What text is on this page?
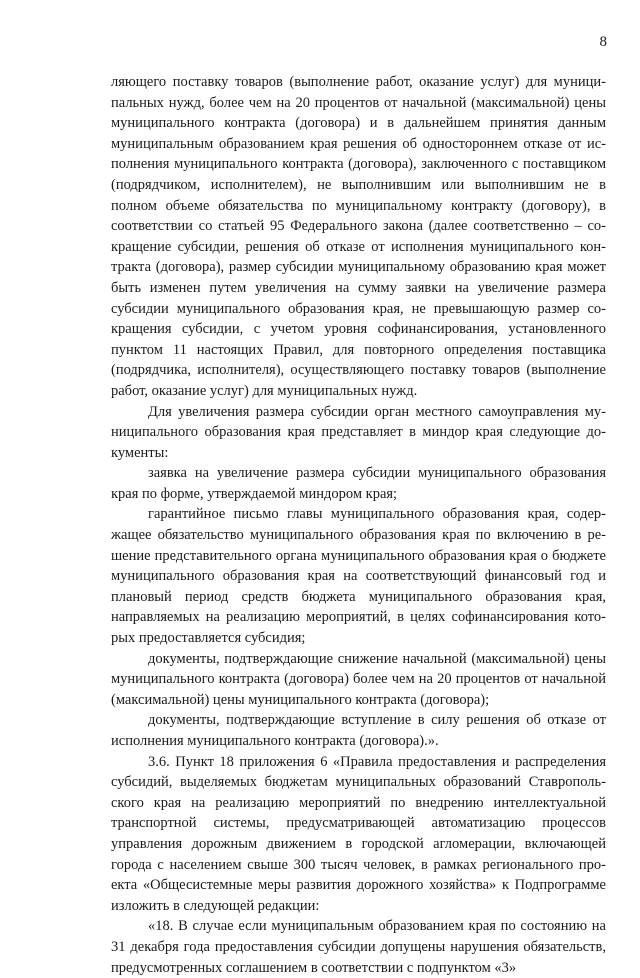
8

ляющего поставку товаров (выполнение работ, оказание услуг) для муниципальных нужд, более чем на 20 процентов от начальной (максимальной) цены муниципального контракта (договора) и в дальнейшем принятия данным муниципальным образованием края решения об одностороннем отказе от исполнения муниципального контракта (договора), заключенного с поставщиком (подрядчиком, исполнителем), не выполнившим или выполнившим не в полном объеме обязательства по муниципальному контракту (договору), в соответствии со статьей 95 Федерального закона (далее соответственно – сокращение субсидии, решения об отказе от исполнения муниципального контракта (договора), размер субсидии муниципальному образованию края может быть изменен путем увеличения на сумму заявки на увеличение размера субсидии муниципального образования края, не превышающую размер сокращения субсидии, с учетом уровня софинансирования, установленного пунктом 11 настоящих Правил, для повторного определения поставщика (подрядчика, исполнителя), осуществляющего поставку товаров (выполнение работ, оказание услуг) для муниципальных нужд.

Для увеличения размера субсидии орган местного самоуправления муниципального образования края представляет в миндор края следующие документы:

заявка на увеличение размера субсидии муниципального образования края по форме, утверждаемой миндором края;

гарантийное письмо главы муниципального образования края, содержащее обязательство муниципального образования края по включению в решение представительного органа муниципального образования края о бюджете муниципального образования края на соответствующий финансовый год и плановый период средств бюджета муниципального образования края, направляемых на реализацию мероприятий, в целях софинансирования которых предоставляется субсидия;

документы, подтверждающие снижение начальной (максимальной) цены муниципального контракта (договора) более чем на 20 процентов от начальной (максимальной) цены муниципального контракта (договора);

документы, подтверждающие вступление в силу решения об отказе от исполнения муниципального контракта (договора).».

3.6. Пункт 18 приложения 6 «Правила предоставления и распределения субсидий, выделяемых бюджетам муниципальных образований Ставропольского края на реализацию мероприятий по внедрению интеллектуальной транспортной системы, предусматривающей автоматизацию процессов управления дорожным движением в городской агломерации, включающей города с населением свыше 300 тысяч человек, в рамках регионального проекта «Общесистемные меры развития дорожного хозяйства» к Подпрограмме изложить в следующей редакции:

«18. В случае если муниципальным образованием края по состоянию на 31 декабря года предоставления субсидии допущены нарушения обязательств, предусмотренных соглашением в соответствии с подпунктом «3»
